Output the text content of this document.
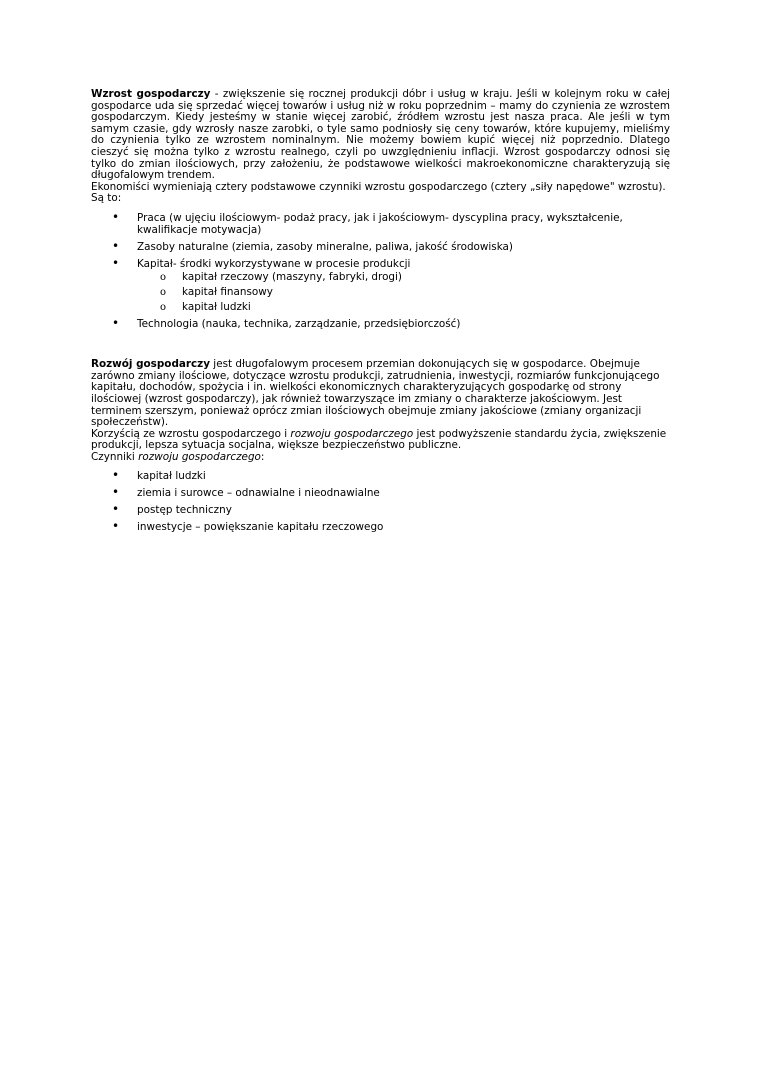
Wzrost gospodarczy - zwiększenie się rocznej produkcji dóbr i usług w kraju. Jeśli w kolejnym roku w całej gospodarce uda się sprzedać więcej towarów i usług niż w roku poprzednim – mamy do czynienia ze wzrostem gospodarczym. Kiedy jesteśmy w stanie więcej zarobić, źródłem wzrostu jest nasza praca. Ale jeśli w tym samym czasie, gdy wzrosły nasze zarobki, o tyle samo podniosły się ceny towarów, które kupujemy, mieliśmy do czynienia tylko ze wzrostem nominalnym. Nie możemy bowiem kupić więcej niż poprzednio. Dlatego cieszyć się można tylko z wzrostu realnego, czyli po uwzględnieniu inflacji. Wzrost gospodarczy odnosi się tylko do zmian ilościowych, przy założeniu, że podstawowe wielkości makroekonomiczne charakteryzują się długofalowym trendem.

Ekonomiści wymieniają cztery podstawowe czynniki wzrostu gospodarczego (cztery „siły napędowe" wzrostu).

Są to:

• Praca (w ujęciu ilościowym- podaż pracy, jak i jakościowym- dyscyplina pracy, wykształcenie, kwalifikacje motywacja)
• Zasoby naturalne (ziemia, zasoby mineralne, paliwa, jakość środowiska)
• Kapitał- środki wykorzystywane w procesie produkcji
o kapitał rzeczowy (maszyny, fabryki, drogi)
o kapitał finansowy
o kapitał ludzki
• Technologia (nauka, technika, zarządzanie, przedsiębiorczość)

Rozwój gospodarczy jest długofalowym procesem przemian dokonujących się w gospodarce. Obejmuje zarówno zmiany ilościowe, dotyczące wzrostu produkcji, zatrudnienia, inwestycji, rozmiarów funkcjonującego kapitału, dochodów, spożycia i in. wielkości ekonomicznych charakteryzujących gospodarkę od strony ilościowej (wzrost gospodarczy), jak również towarzyszące im zmiany o charakterze jakościowym. Jest terminem szerszym, ponieważ oprócz zmian ilościowych obejmuje zmiany jakościowe (zmiany organizacji społeczeństw).

Korzyścią ze wzrostu gospodarczego i rozwoju gospodarczego jest podwyższenie standardu życia, zwiększenie produkcji, lepsza sytuacja socjalna, większe bezpieczeństwo publiczne.

Czynniki rozwoju gospodarczego:

• kapitał ludzki
• ziemia i surowce – odnawialne i nieodnawialne
• postęp techniczny
• inwestycje – powiększanie kapitału rzeczowego
